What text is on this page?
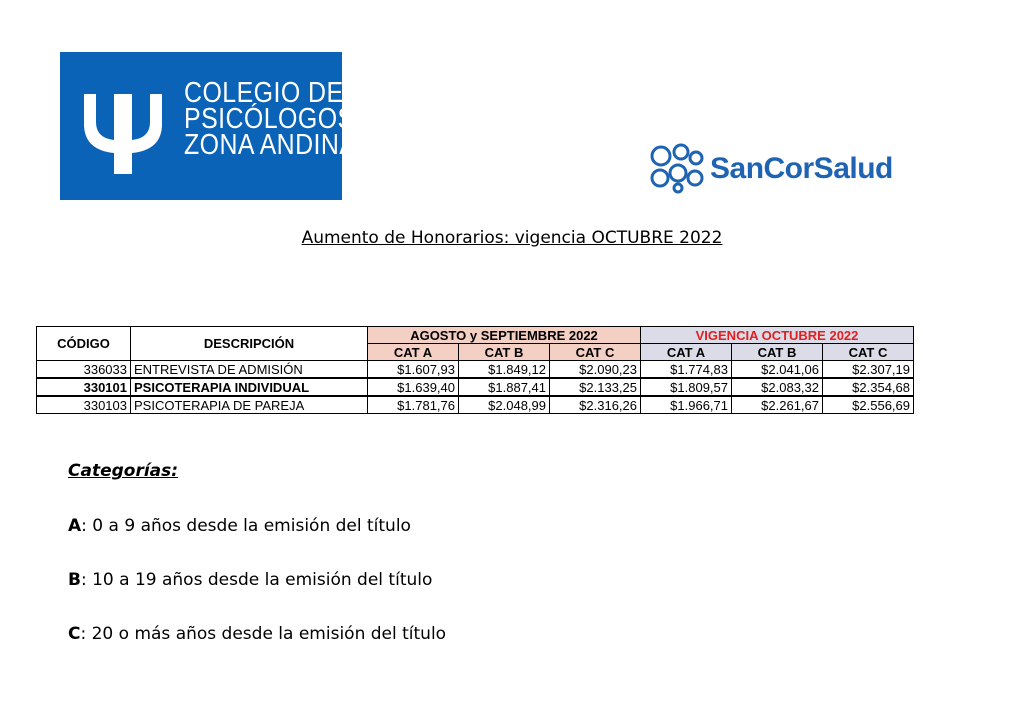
COLEGIO DE
PSICÓLOGOS
ZONA ANDINA
SanCorSalud
Aumento de Honorarios: vigencia OCTUBRE 2022
CÓDIGO	DESCRIPCIÓN	AGOSTO y SEPTIEMBRE 2022			VIGENCIA OCTUBRE 2022		
		CAT A	CAT B	CAT C	CAT A	CAT B	CAT C
336033	ENTREVISTA DE ADMISIÓN	$1.607,93	$1.849,12	$2.090,23	$1.774,83	$2.041,06	$2.307,19
330101	PSICOTERAPIA INDIVIDUAL	$1.639,40	$1.887,41	$2.133,25	$1.809,57	$2.083,32	$2.354,68
330103	PSICOTERAPIA DE PAREJA	$1.781,76	$2.048,99	$2.316,26	$1.966,71	$2.261,67	$2.556,69
Categorías:
A: 0 a 9 años desde la emisión del título
B: 10 a 19 años desde la emisión del título
C: 20 o más años desde la emisión del título
